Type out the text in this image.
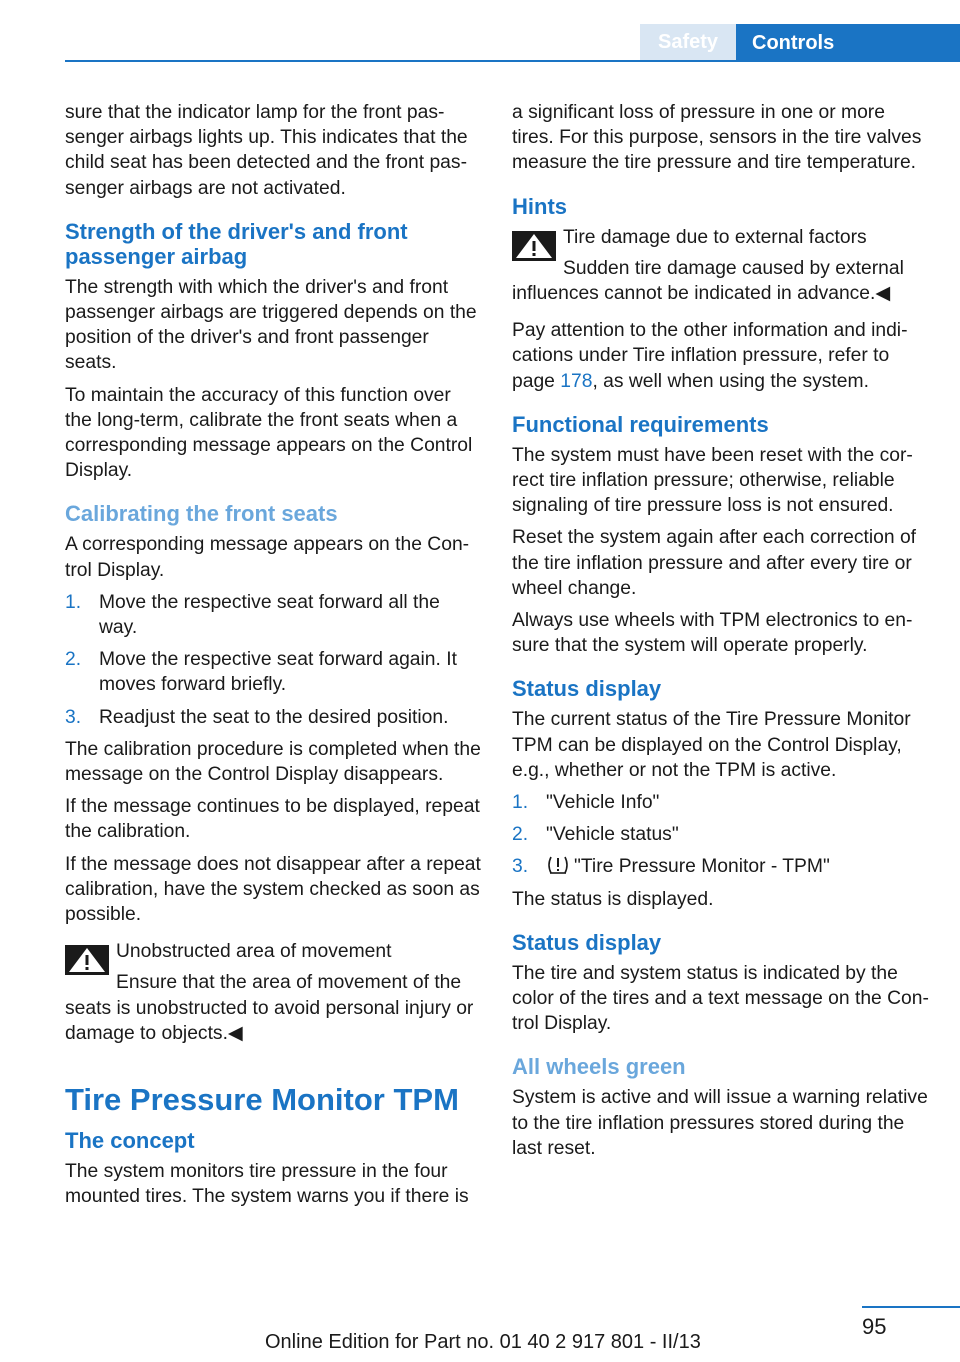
Safety	Controls

sure that the indicator lamp for the front passenger airbags lights up. This indicates that the child seat has been detected and the front passenger airbags are not activated.

Strength of the driver's and front passenger airbag

The strength with which the driver's and front passenger airbags are triggered depends on the position of the driver's and front passenger seats.

To maintain the accuracy of this function over the long-term, calibrate the front seats when a corresponding message appears on the Control Display.

Calibrating the front seats

A corresponding message appears on the Control Display.

1. Move the respective seat forward all the way.
2. Move the respective seat forward again. It moves forward briefly.
3. Readjust the seat to the desired position.

The calibration procedure is completed when the message on the Control Display disappears.

If the message continues to be displayed, repeat the calibration.

If the message does not disappear after a repeat calibration, have the system checked as soon as possible.

Unobstructed area of movement

Ensure that the area of movement of the seats is unobstructed to avoid personal injury or damage to objects.◀

Tire Pressure Monitor TPM
The concept

The system monitors tire pressure in the four mounted tires. The system warns you if there is

a significant loss of pressure in one or more tires. For this purpose, sensors in the tire valves measure the tire pressure and tire temperature.

Hints

Tire damage due to external factors

Sudden tire damage caused by external influences cannot be indicated in advance.◀

Pay attention to the other information and indications under Tire inflation pressure, refer to page 178, as well when using the system.

Functional requirements

The system must have been reset with the correct tire inflation pressure; otherwise, reliable signaling of tire pressure loss is not ensured.

Reset the system again after each correction of the tire inflation pressure and after every tire or wheel change.

Always use wheels with TPM electronics to ensure that the system will operate properly.

Status display

The current status of the Tire Pressure Monitor TPM can be displayed on the Control Display, e.g., whether or not the TPM is active.

1. "Vehicle Info"
2. "Vehicle status"
3.	"Tire Pressure Monitor - TPM"

The status is displayed.

Status display

The tire and system status is indicated by the color of the tires and a text message on the Control Display.

All wheels green

System is active and will issue a warning relative to the tire inflation pressures stored during the last reset.

95
Online Edition for Part no. 01 40 2 917 801 - II/13
